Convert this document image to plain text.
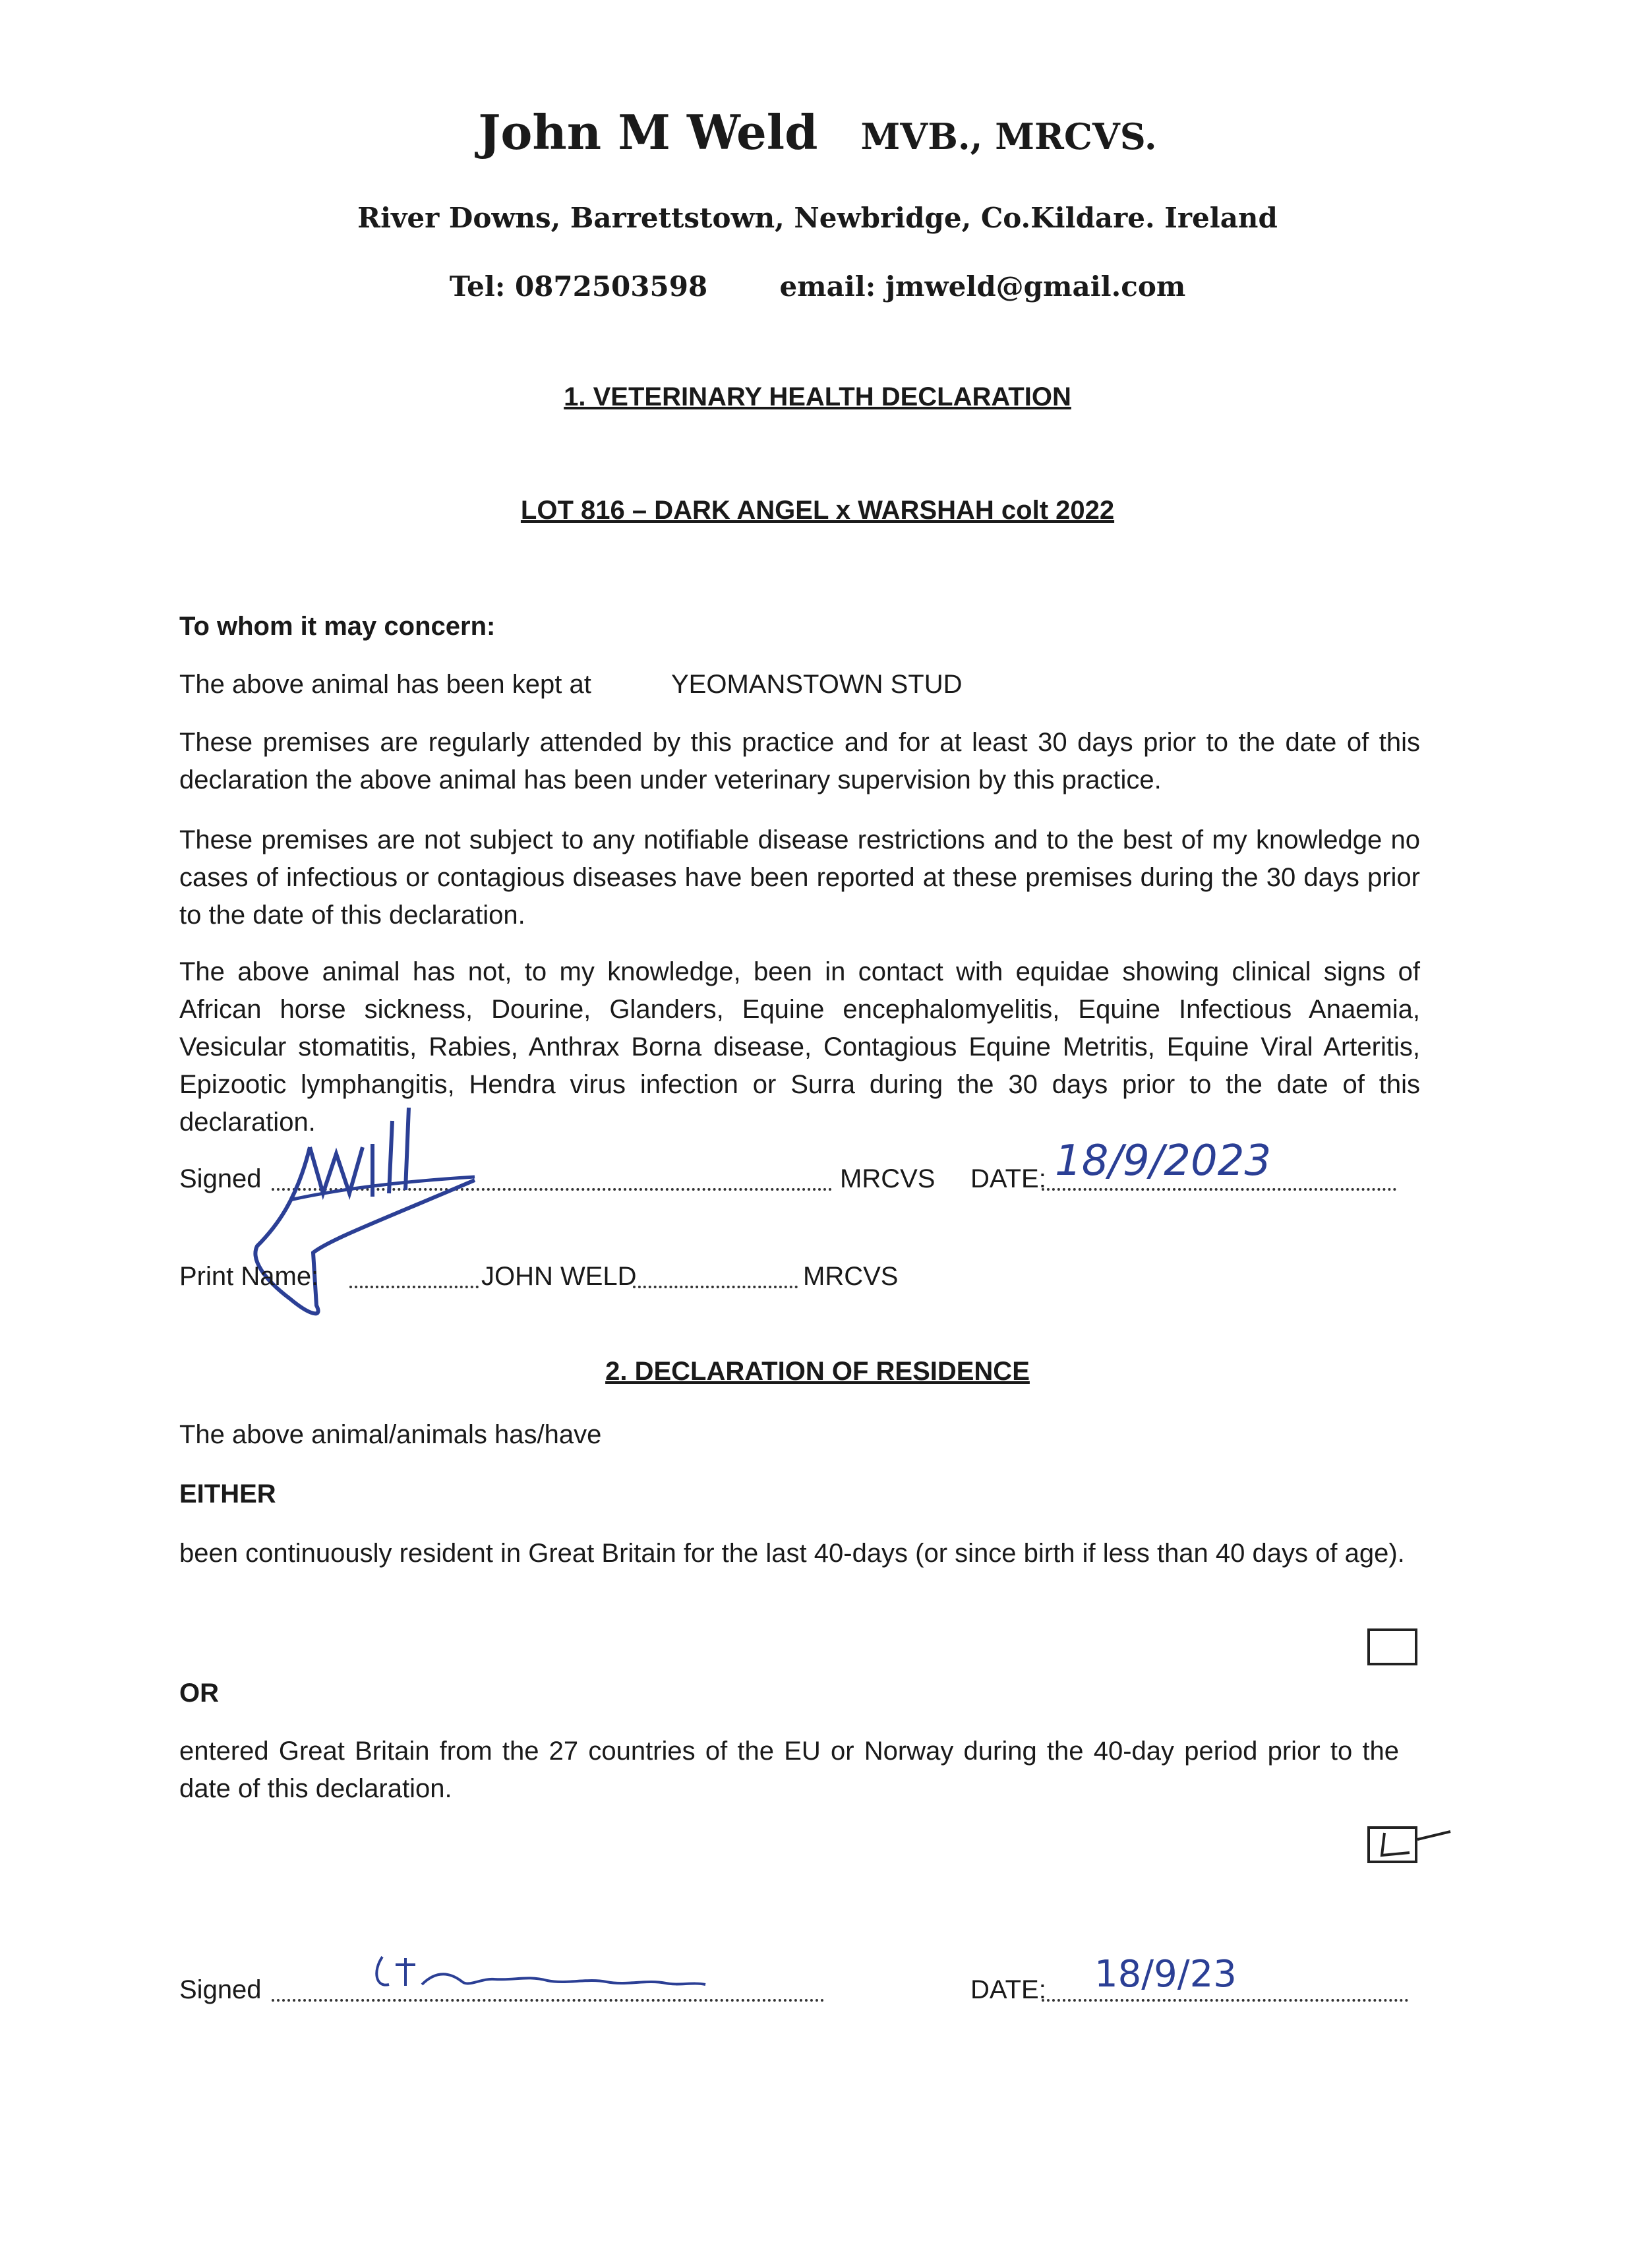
John M Weld MVB., MRCVS.
River Downs, Barrettstown, Newbridge, Co.Kildare. Ireland
Tel: 0872503598	email: jmweld@gmail.com
1. VETERINARY HEALTH DECLARATION
LOT 816 – DARK ANGEL x WARSHAH colt 2022
To whom it may concern:
The above animal has been kept at	YEOMANSTOWN STUD
These premises are regularly attended by this practice and for at least 30 days prior to the date of this declaration the above animal has been under veterinary supervision by this practice.
These premises are not subject to any notifiable disease restrictions and to the best of my knowledge no cases of infectious or contagious diseases have been reported at these premises during the 30 days prior to the date of this declaration.
The above animal has not, to my knowledge, been in contact with equidae showing clinical signs of African horse sickness, Dourine, Glanders, Equine encephalomyelitis, Equine Infectious Anaemia, Vesicular stomatitis, Rabies, Anthrax Borna disease, Contagious Equine Metritis, Equine Viral Arteritis, Epizootic lymphangitis, Hendra virus infection or Surra during the 30 days prior to the date of this declaration.
Signed	MRCVS DATE: 18/9/2023
Print Name:	JOHN WELD	MRCVS
2. DECLARATION OF RESIDENCE
The above animal/animals has/have
EITHER
been continuously resident in Great Britain for the last 40-days (or since birth if less than 40 days of age).
OR
entered Great Britain from the 27 countries of the EU or Norway during the 40-day period prior to the date of this declaration.
Signed	DATE: 18/9/23
